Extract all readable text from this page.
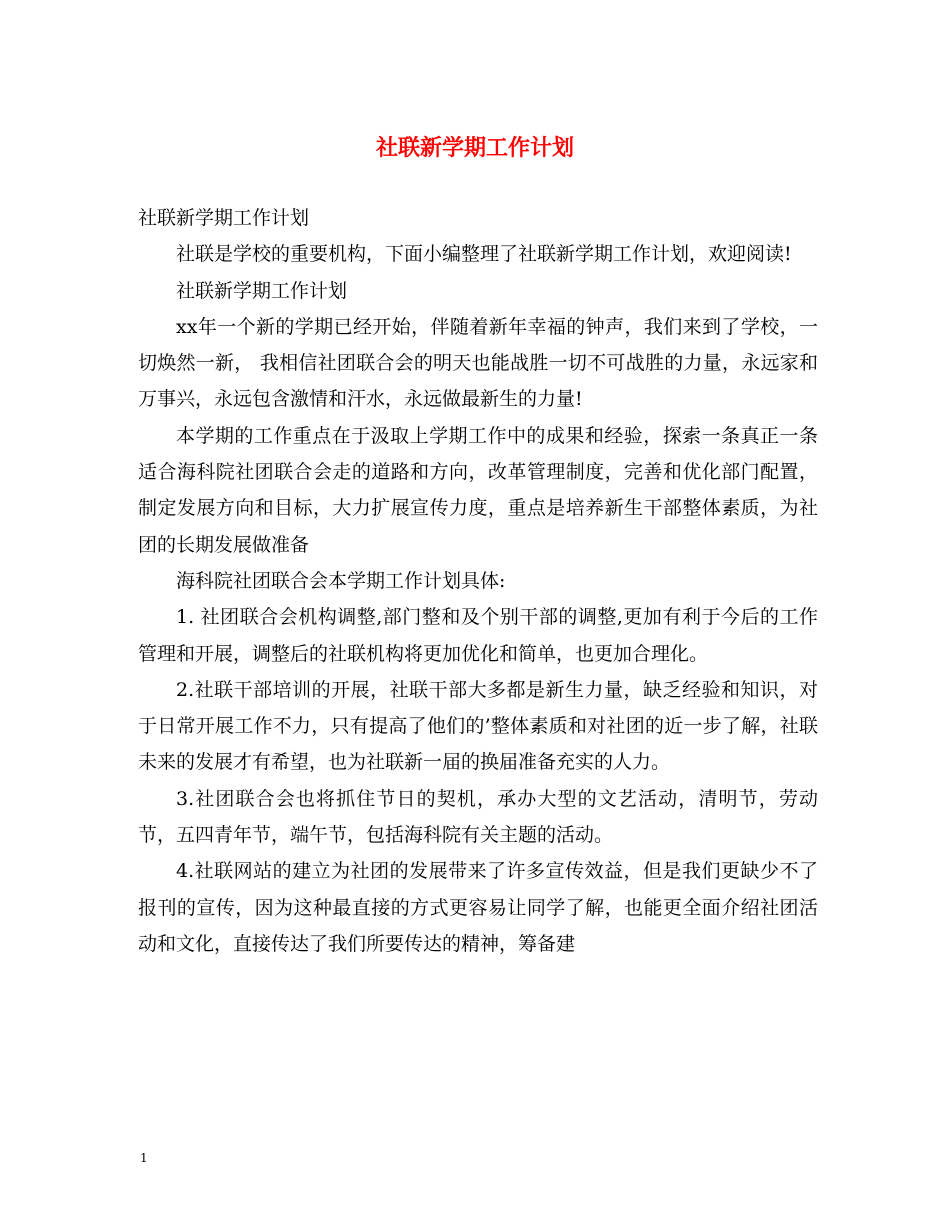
社联新学期工作计划

社联新学期工作计划

社联是学校的重要机构，下面小编整理了社联新学期工作计划，欢迎阅读!

社联新学期工作计划

xx年一个新的学期已经开始，伴随着新年幸福的钟声，我们来到了学校，一切焕然一新， 我相信社团联合会的明天也能战胜一切不可战胜的力量，永远家和万事兴，永远包含激情和汗水，永远做最新生的力量!

本学期的工作重点在于汲取上学期工作中的成果和经验，探索一条真正一条适合海科院社团联合会走的道路和方向，改革管理制度，完善和优化部门配置，制定发展方向和目标，大力扩展宣传力度，重点是培养新生干部整体素质，为社团的长期发展做准备

海科院社团联合会本学期工作计划具体:

1. 社团联合会机构调整,部门整和及个别干部的调整,更加有利于今后的工作管理和开展，调整后的社联机构将更加优化和简单，也更加合理化。

2.社联干部培训的开展，社联干部大多都是新生力量，缺乏经验和知识，对于日常开展工作不力，只有提高了他们的’整体素质和对社团的近一步了解，社联未来的发展才有希望，也为社联新一届的换届准备充实的人力。

3.社团联合会也将抓住节日的契机，承办大型的文艺活动，清明节，劳动节，五四青年节，端午节，包括海科院有关主题的活动。

4.社联网站的建立为社团的发展带来了许多宣传效益，但是我们更缺少不了报刊的宣传，因为这种最直接的方式更容易让同学了解，也能更全面介绍社团活动和文化，直接传达了我们所要传达的精神，筹备建

1
